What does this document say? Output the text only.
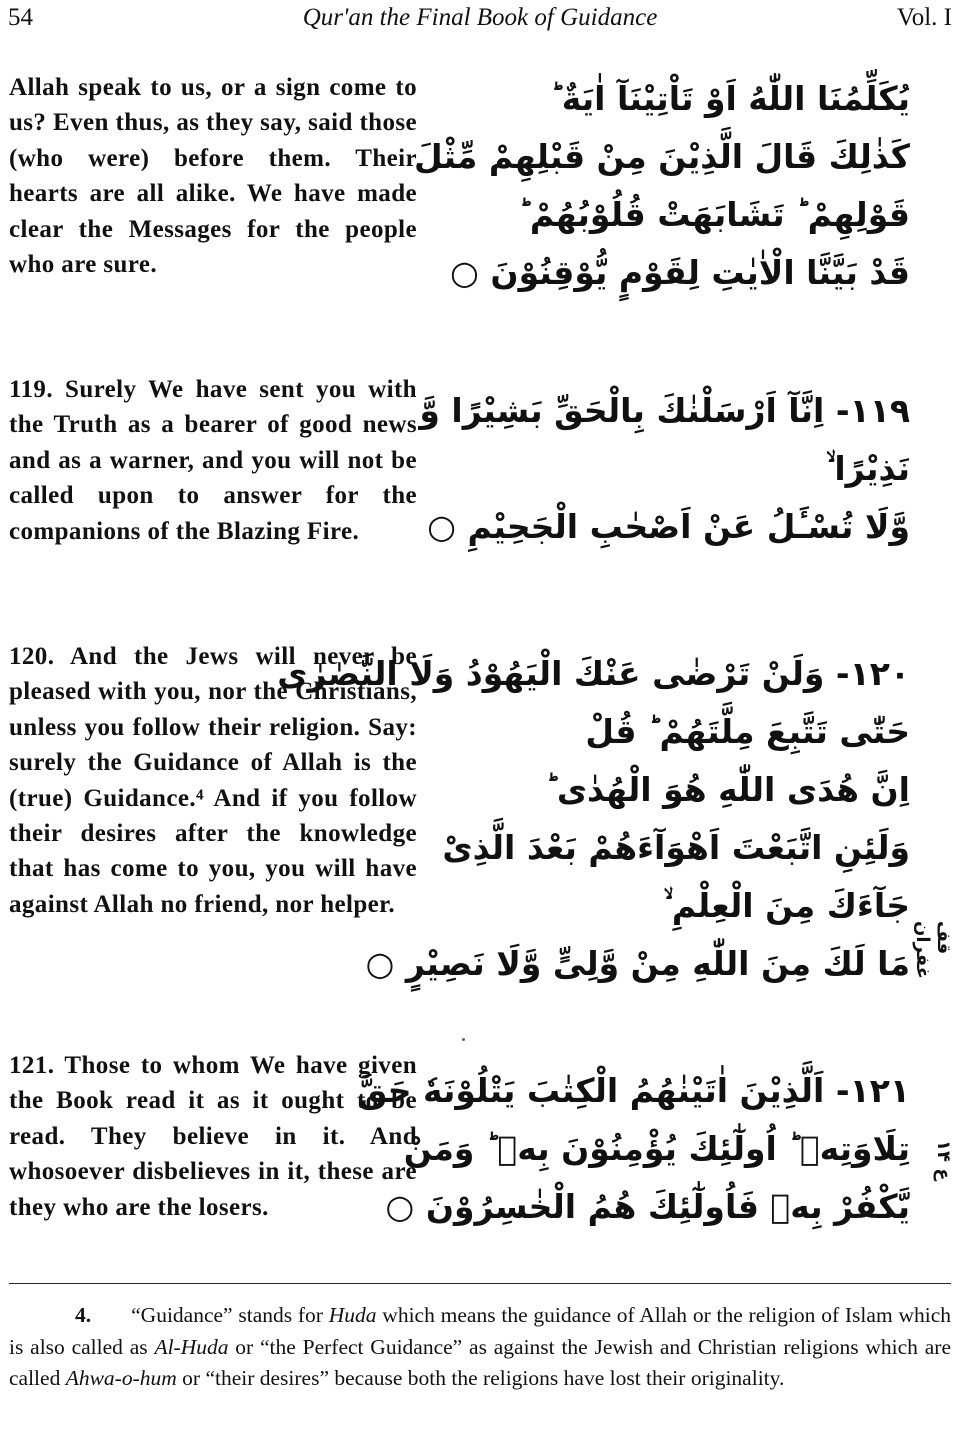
54	Qur'an the Final Book of Guidance	Vol. I
Allah speak to us, or a sign come to us? Even thus, as they say, said those (who were) before them. Their hearts are all alike. We have made clear the Messages for the people who are sure.
يُكَلِّمُنَا اللّٰهُ اَوْ تَاْتِيْنَآ اٰيَةٌ ؕ
كَذٰلِكَ قَالَ الَّذِيْنَ مِنْ قَبْلِهِمْ مِّثْلَ
قَوْلِهِمْ ؕ تَشَابَهَتْ قُلُوْبُهُمْ ؕ
قَدْ بَيَّنَّا الْاٰيٰتِ لِقَوْمٍ يُّوْقِنُوْنَ ○
119. Surely We have sent you with the Truth as a bearer of good news and as a warner, and you will not be called upon to answer for the companions of the Blazing Fire.
١١٩- اِنَّآ اَرْسَلْنٰكَ بِالْحَقِّ بَشِيْرًا وَّ
نَذِيْرًا ۙ
وَّلَا تُسْـَٔلُ عَنْ اَصْحٰبِ الْجَحِيْمِ ○
120. And the Jews will never be pleased with you, nor the Christians, unless you follow their religion. Say: surely the Guidance of Allah is the (true) Guidance.⁴ And if you follow their desires after the knowledge that has come to you, you will have against Allah no friend, nor helper.
١٢٠- وَلَنْ تَرْضٰى عَنْكَ الْيَهُوْدُ وَلَا النَّصٰرٰى
حَتّٰى تَتَّبِعَ مِلَّتَهُمْ ؕ قُلْ
اِنَّ هُدَى اللّٰهِ هُوَ الْهُدٰى ؕ
وَلَئِنِ اتَّبَعْتَ اَهْوَآءَهُمْ بَعْدَ الَّذِىْ
جَآءَكَ مِنَ الْعِلْمِ ۙ
مَا لَكَ مِنَ اللّٰهِ مِنْ وَّلِىٍّ وَّلَا نَصِيْرٍ ○
قف غفران
121. Those to whom We have given the Book read it as it ought to be read. They believe in it. And whosoever disbelieves in it, these are they who are the losers.
١٢١- اَلَّذِيْنَ اٰتَيْنٰهُمُ الْكِتٰبَ يَتْلُوْنَهٗ حَقَّ
تِلَاوَتِهٖ ؕ اُولٰٓئِكَ يُؤْمِنُوْنَ بِهٖ ؕ وَمَنْ
يَّكْفُرْ بِهٖ فَاُولٰٓئِكَ هُمُ الْخٰسِرُوْنَ ○
ع ۱۴
4. “Guidance” stands for Huda which means the guidance of Allah or the religion of Islam which is also called as Al-Huda or “the Perfect Guidance” as against the Jewish and Christian religions which are called Ahwa-o-hum or “their desires” because both the religions have lost their originality.
